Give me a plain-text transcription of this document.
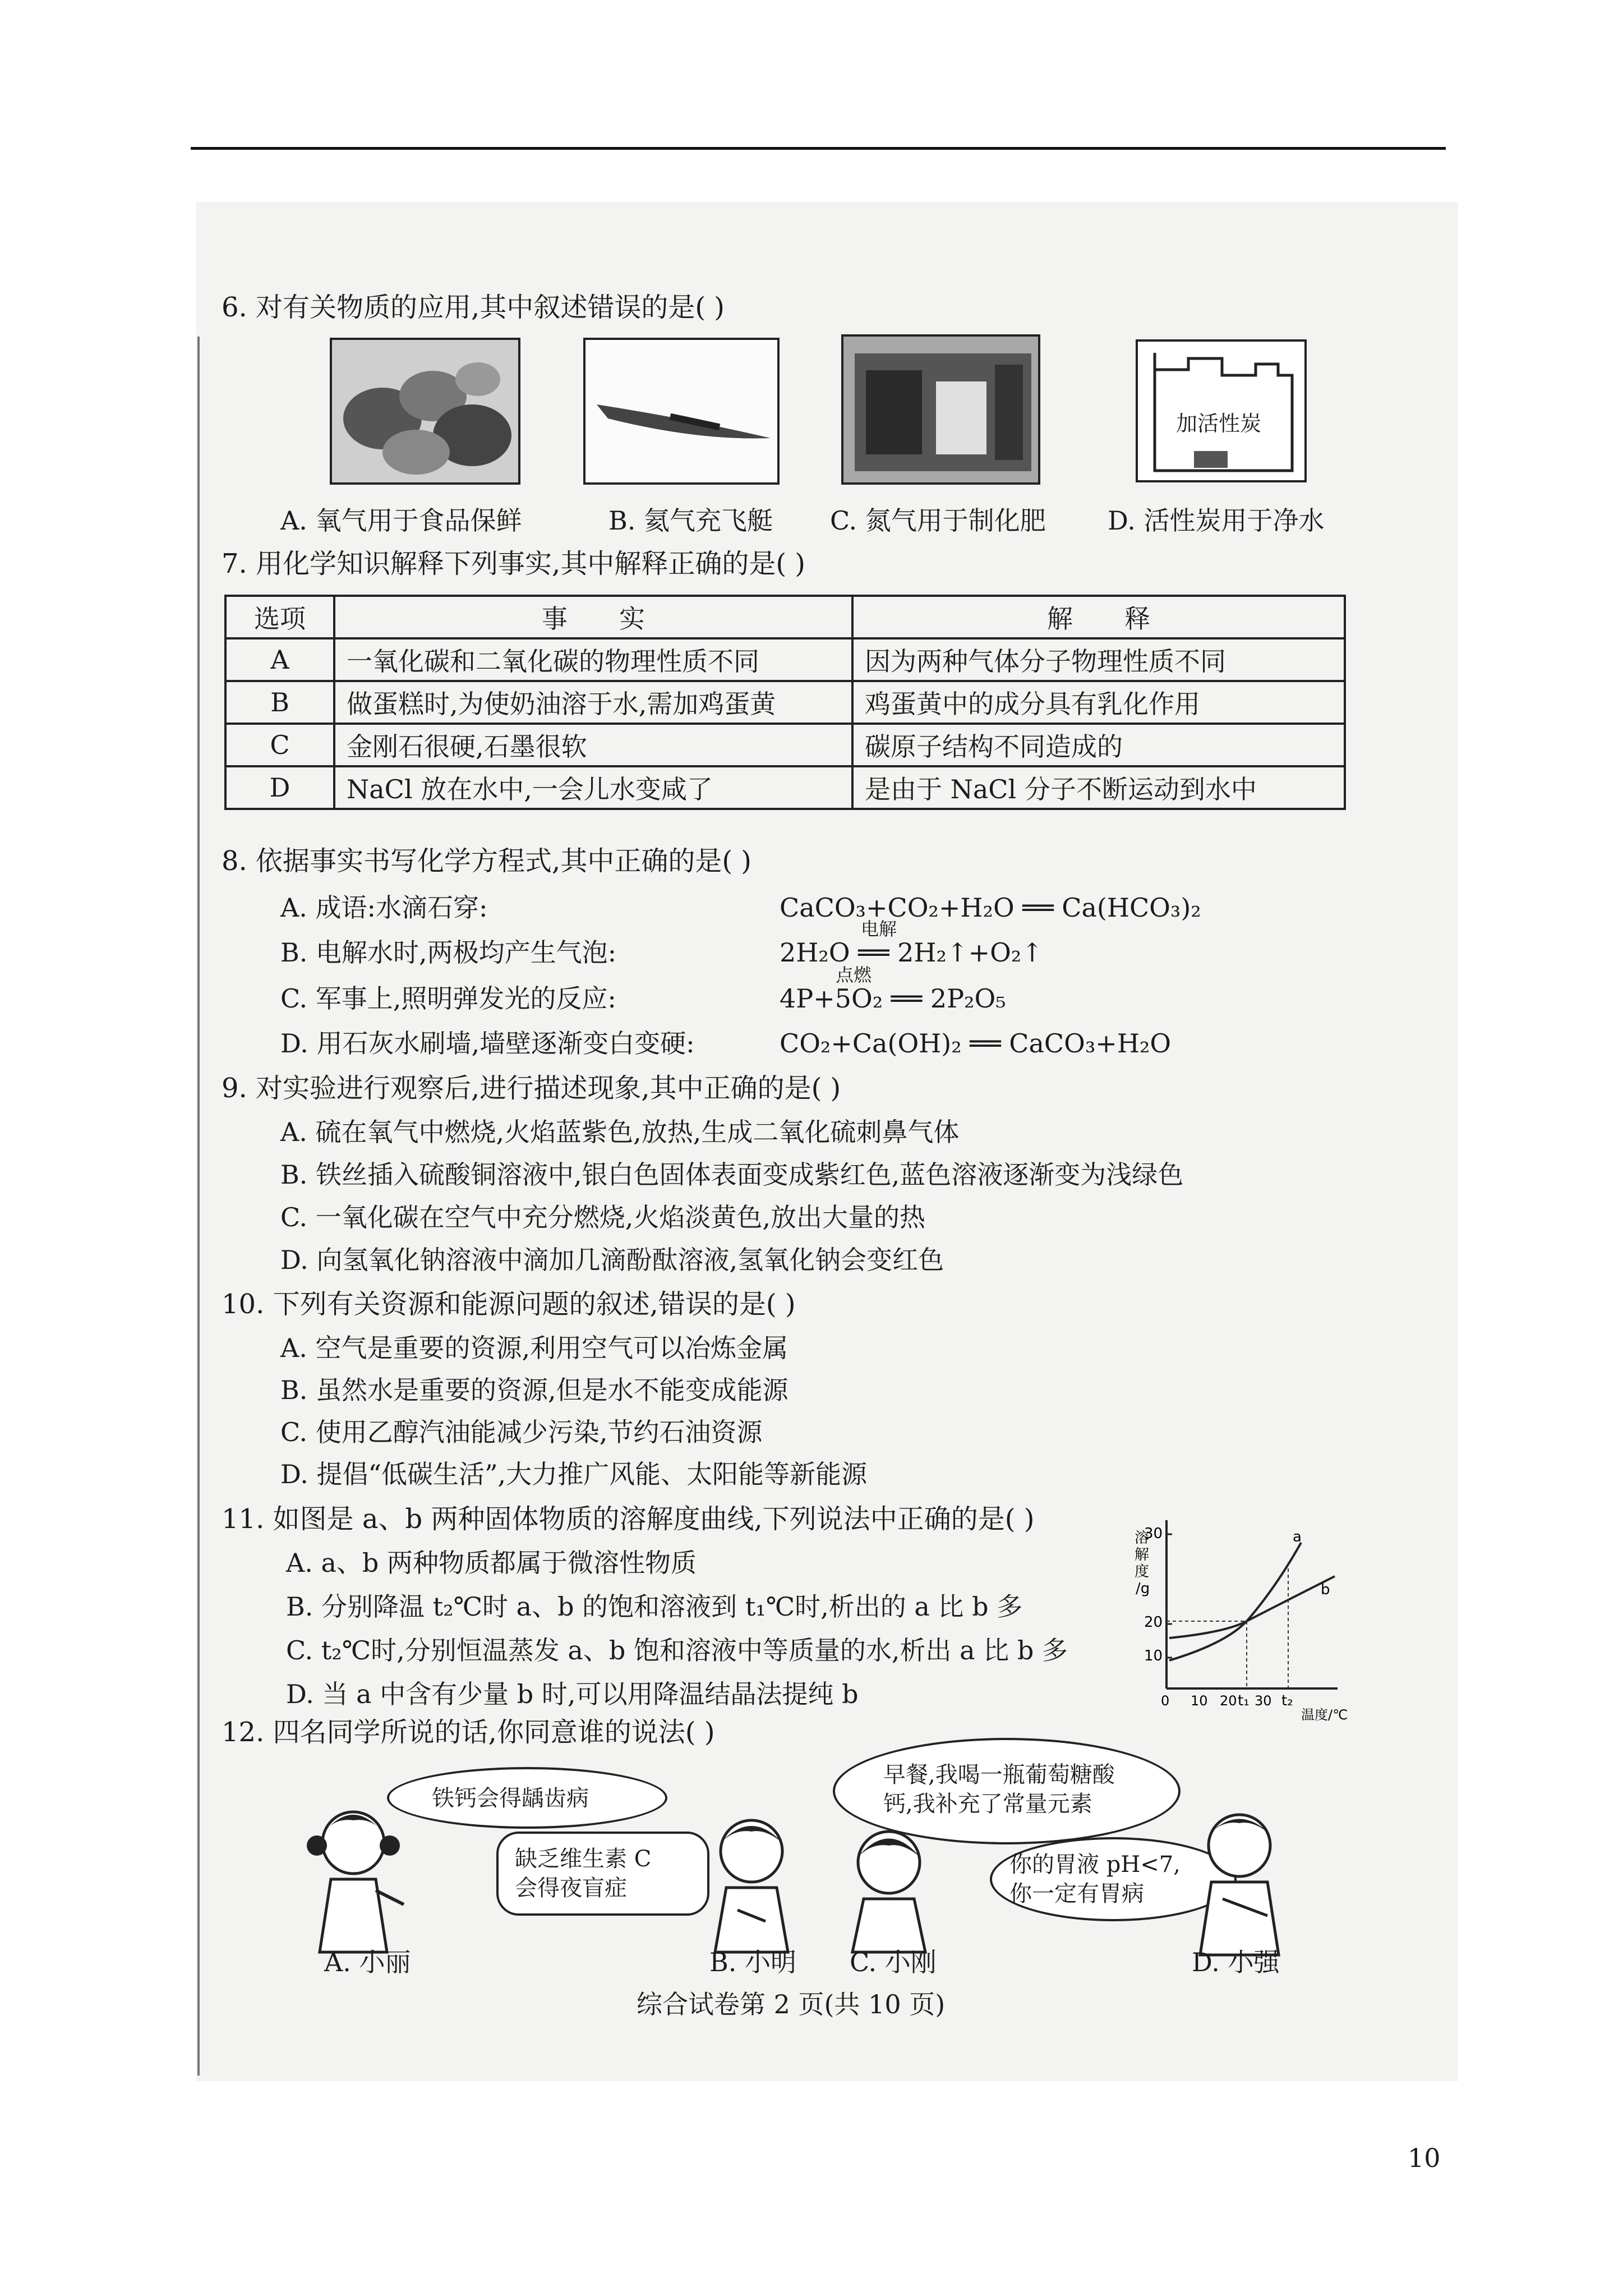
6. 对有关物质的应用,其中叙述错误的是( )
加活性炭
A. 氧气用于食品保鲜	B. 氦气充飞艇 C. 氮气用于制化肥 D. 活性炭用于净水
7. 用化学知识解释下列事实,其中解释正确的是( )
选项	事　　实	解　　释
A	一氧化碳和二氧化碳的物理性质不同	因为两种气体分子物理性质不同
B	做蛋糕时,为使奶油溶于水,需加鸡蛋黄	鸡蛋黄中的成分具有乳化作用
C	金刚石很硬,石墨很软	碳原子结构不同造成的
D	NaCl 放在水中,一会儿水变咸了	是由于 NaCl 分子不断运动到水中
8. 依据事实书写化学方程式,其中正确的是( )
A. 成语:水滴石穿:	CaCO₃+CO₂+H₂O ══ Ca(HCO₃)₂
B. 电解水时,两极均产生气泡:
电解
2H₂O ══ 2H₂↑+O₂↑
C. 军事上,照明弹发光的反应:
点燃
4P+5O₂ ══ 2P₂O₅
D. 用石灰水刷墙,墙壁逐渐变白变硬:	CO₂+Ca(OH)₂ ══ CaCO₃+H₂O
9. 对实验进行观察后,进行描述现象,其中正确的是( )
A. 硫在氧气中燃烧,火焰蓝紫色,放热,生成二氧化硫刺鼻气体
B. 铁丝插入硫酸铜溶液中,银白色固体表面变成紫红色,蓝色溶液逐渐变为浅绿色
C. 一氧化碳在空气中充分燃烧,火焰淡黄色,放出大量的热
D. 向氢氧化钠溶液中滴加几滴酚酞溶液,氢氧化钠会变红色
10. 下列有关资源和能源问题的叙述,错误的是( )
A. 空气是重要的资源,利用空气可以冶炼金属
B. 虽然水是重要的资源,但是水不能变成能源
C. 使用乙醇汽油能减少污染,节约石油资源
D. 提倡“低碳生活”,大力推广风能、太阳能等新能源
11. 如图是 a、b 两种固体物质的溶解度曲线,下列说法中正确的是( )
A. a、b 两种物质都属于微溶性物质
B. 分别降温 t₂℃时 a、b 的饱和溶液到 t₁℃时,析出的 a 比 b 多
C. t₂℃时,分别恒温蒸发 a、b 饱和溶液中等质量的水,析出 a 比 b 多
D. 当 a 中含有少量 b 时,可以用降温结晶法提纯 b
溶
解
度
/g
10
20
30
0 10 20 t₁ 30 t₂
温度/℃
a
b
12. 四名同学所说的话,你同意谁的说法( )
铁钙会得龋齿病
缺乏维生素 C
会得夜盲症
早餐,我喝一瓶葡萄糖酸
钙,我补充了常量元素
你的胃液 pH<7,
你一定有胃病
A. 小丽	B. 小明 C. 小刚	D. 小强
综合试卷第 2 页(共 10 页)
10
